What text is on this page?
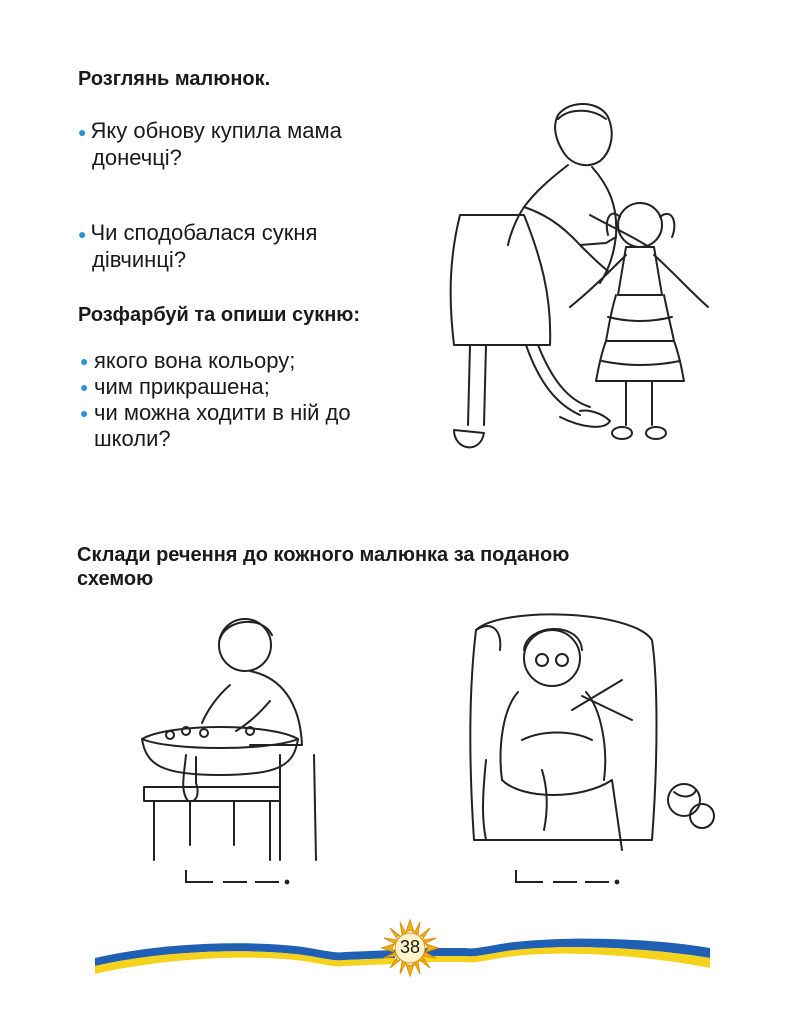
Розглянь малюнок.
● Яку обнову купила мама
донечці?
● Чи сподобалася сукня
дівчинці?
Розфарбуй та опиши сукню:
● якого вона кольору;
● чим прикрашена;
● чи можна ходити в ній до
школи?
Склади речення до кожного малюнка за поданою
схемою
38
